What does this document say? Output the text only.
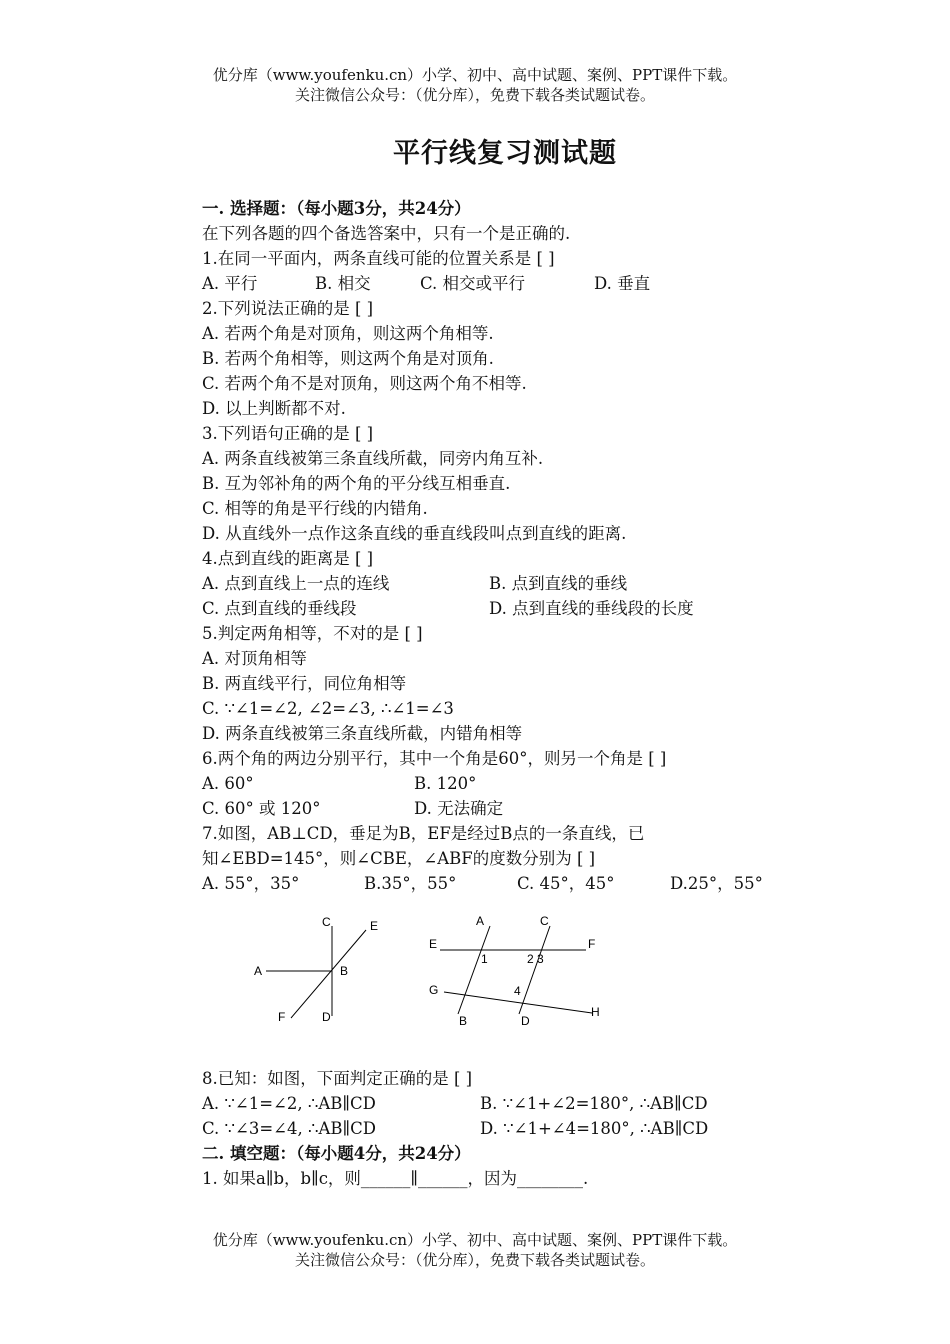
优分库（www.youfenku.cn）小学、初中、高中试题、案例、PPT课件下载。
关注微信公众号：（优分库），免费下载各类试题试卷。
平行线复习测试题
一. 选择题：（每小题3分，共24分）
在下列各题的四个备选答案中，只有一个是正确的.
1.在同一平面内，两条直线可能的位置关系是 [ ]
A. 平行	B. 相交	C. 相交或平行	D. 垂直
2.下列说法正确的是 [ ]
A. 若两个角是对顶角，则这两个角相等.
B. 若两个角相等，则这两个角是对顶角.
C. 若两个角不是对顶角，则这两个角不相等.
D. 以上判断都不对.
3.下列语句正确的是 [ ]
A. 两条直线被第三条直线所截，同旁内角互补.
B. 互为邻补角的两个角的平分线互相垂直.
C. 相等的角是平行线的内错角.
D. 从直线外一点作这条直线的垂直线段叫点到直线的距离.
4.点到直线的距离是 [ ]
A. 点到直线上一点的连线	B. 点到直线的垂线
C. 点到直线的垂线段	D. 点到直线的垂线段的长度
5.判定两角相等，不对的是 [ ]
A. 对顶角相等
B. 两直线平行，同位角相等
C. ∵∠1=∠2, ∠2=∠3, ∴∠1=∠3
D. 两条直线被第三条直线所截，内错角相等
6.两个角的两边分别平行，其中一个角是60°，则另一个角是 [ ]
A. 60°	B. 120°
C. 60° 或 120°	D. 无法确定
7.如图，AB⊥CD，垂足为B，EF是经过B点的一条直线，已
知∠EBD=145°，则∠CBE，∠ABF的度数分别为 [ ]
A. 55°，35°	B.35°，55°	C. 45°，45°	D.25°，55°
A	B
C
D
E
F
A
B
C
D
E	F
G
H
1	2 3
4
8.已知：如图，下面判定正确的是 [ ]
A. ∵∠1=∠2, ∴AB∥CD	B. ∵∠1+∠2=180°, ∴AB∥CD
C. ∵∠3=∠4, ∴AB∥CD	D. ∵∠1+∠4=180°, ∴AB∥CD
二. 填空题：（每小题4分，共24分）
1. 如果a∥b，b∥c，则______∥______，因为________.
优分库（www.youfenku.cn）小学、初中、高中试题、案例、PPT课件下载。
关注微信公众号：（优分库），免费下载各类试题试卷。
